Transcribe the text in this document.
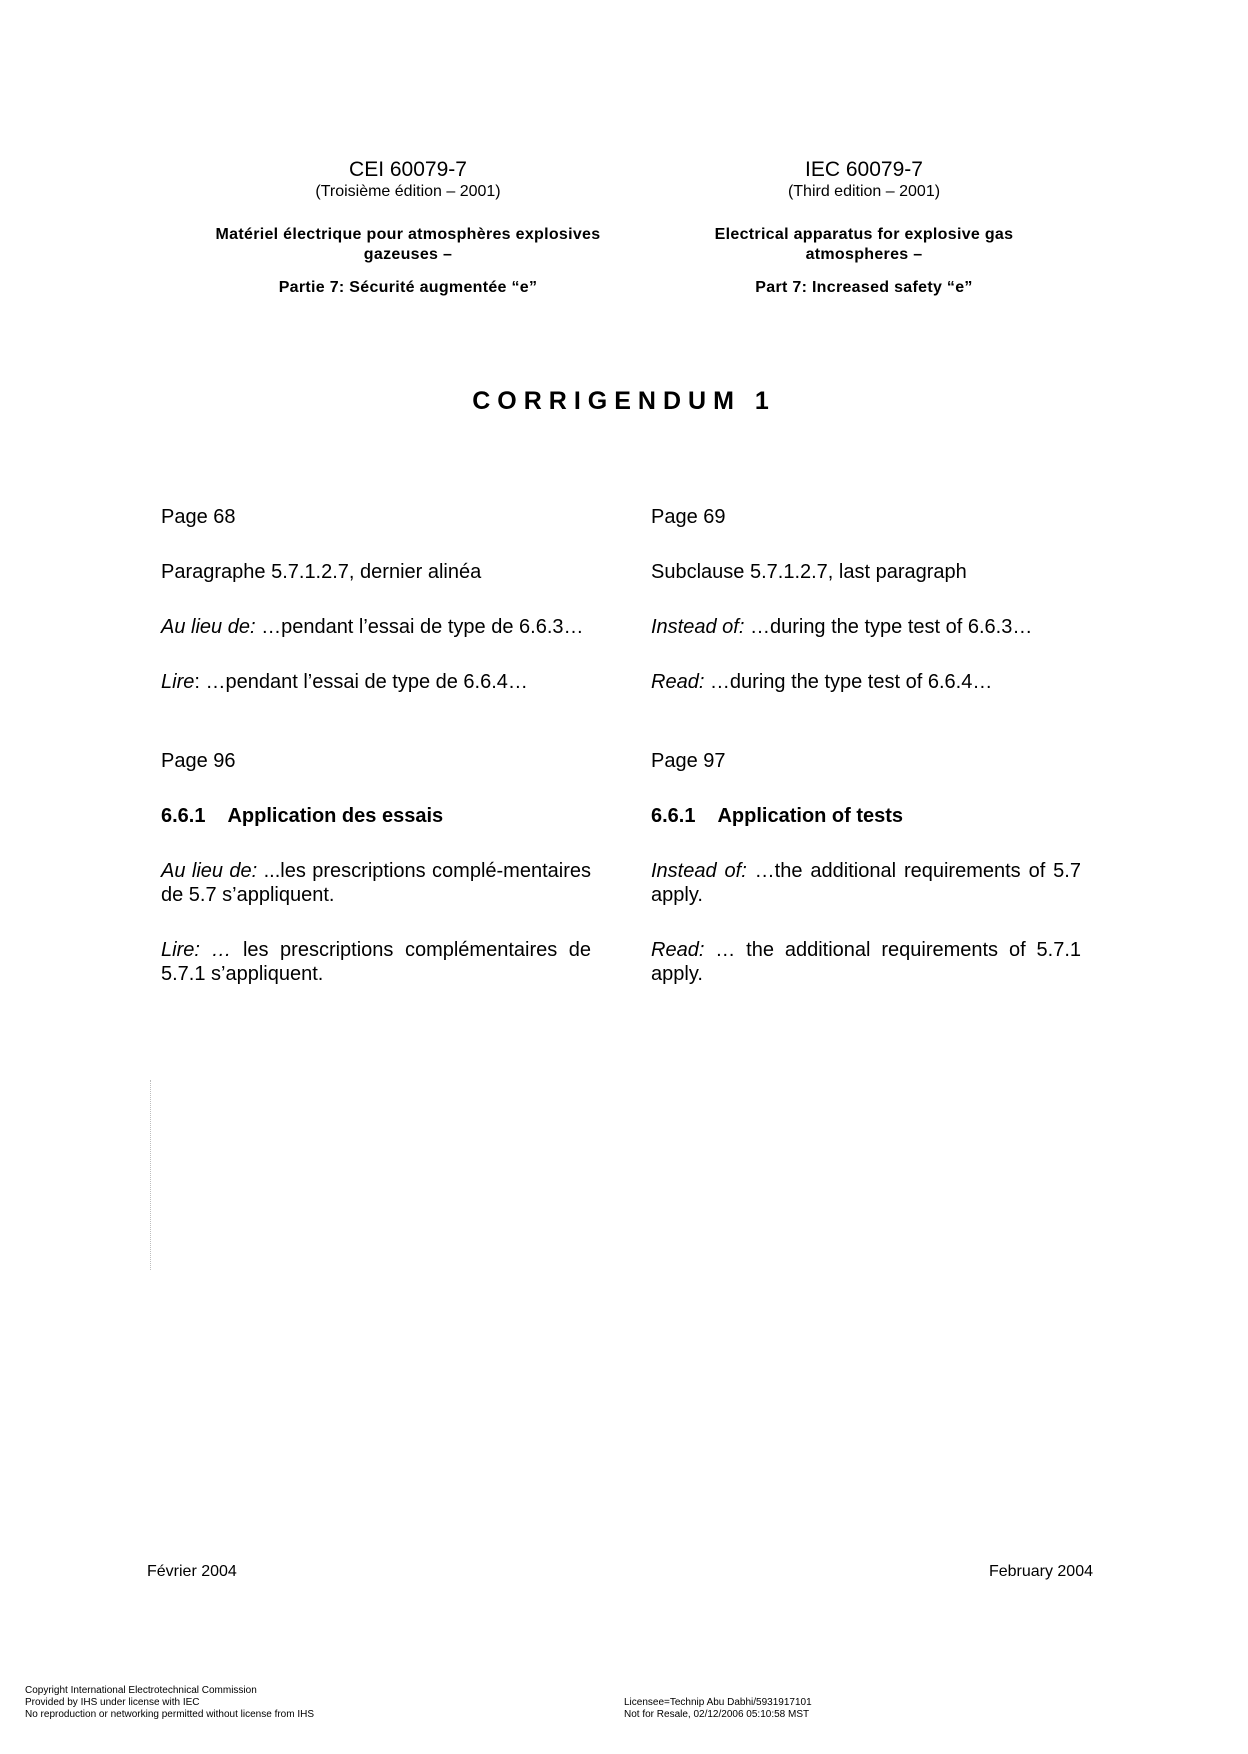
CEI 60079-7
(Troisième édition – 2001)
Matériel électrique pour atmosphères explosives
gazeuses –
Partie 7: Sécurité augmentée “e”
IEC 60079-7
(Third edition – 2001)
Electrical apparatus for explosive gas
atmospheres –
Part 7: Increased safety “e”
CORRIGENDUM 1

Page 68

Paragraphe 5.7.1.2.7, dernier alinéa

Au lieu de: …pendant l’essai de type de 6.6.3…

Lire: …pendant l’essai de type de 6.6.4…

Page 96

6.6.1 Application des essais

Au lieu de: ...les prescriptions complé-mentaires de 5.7 s’appliquent.

Lire: … les prescriptions complémentaires de 5.7.1 s’appliquent.

Page 69

Subclause 5.7.1.2.7, last paragraph

Instead of: …during the type test of 6.6.3…

Read: …during the type test of 6.6.4…

Page 97

6.6.1 Application of tests

Instead of: …the additional requirements of 5.7 apply.

Read: … the additional requirements of 5.7.1 apply.

Février 2004	February 2004
Copyright International Electrotechnical Commission
Provided by IHS under license with IEC
No reproduction or networking permitted without license from IHS
Licensee=Technip Abu Dabhi/5931917101
Not for Resale, 02/12/2006 05:10:58 MST
